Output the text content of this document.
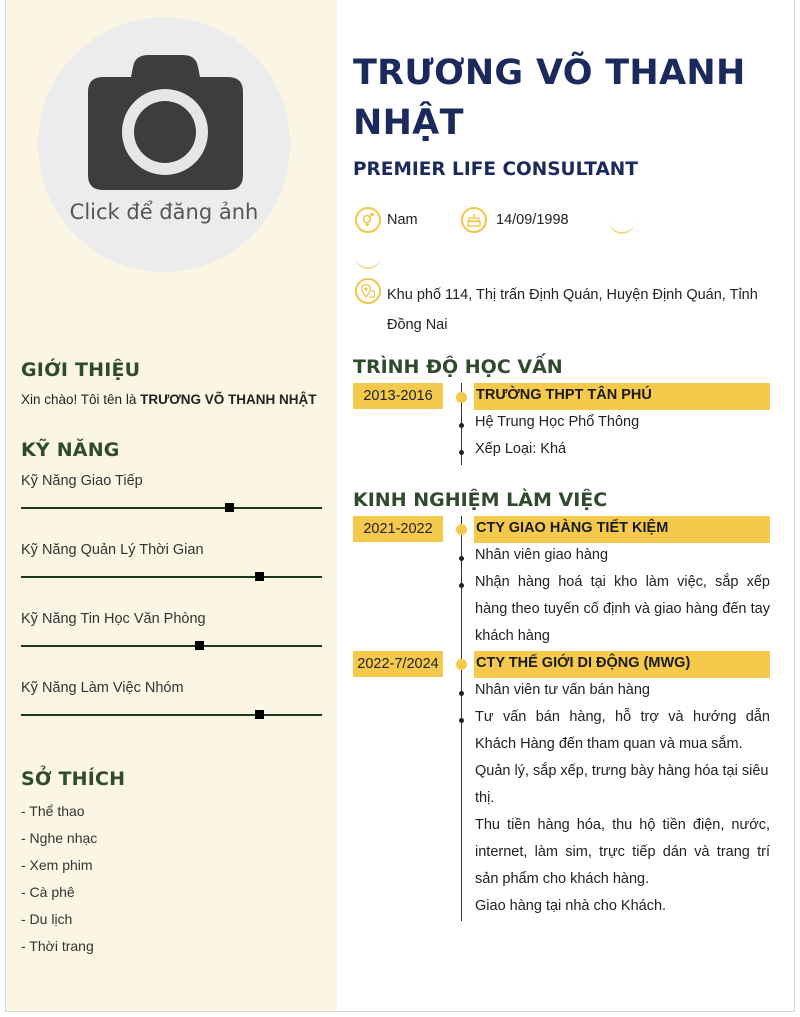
Click để đăng ảnh
GIỚI THIỆU
Xin chào! Tôi tên là TRƯƠNG VÕ THANH NHẬT
KỸ NĂNG
Kỹ Năng Giao Tiếp
Kỹ Năng Quản Lý Thời Gian
Kỹ Năng Tin Học Văn Phòng
Kỹ Năng Làm Việc Nhóm
SỞ THÍCH
- Thể thao
- Nghe nhạc
- Xem phim
- Cà phê
- Du lịch
- Thời trang
TRƯƠNG VÕ THANH NHẬT
PREMIER LIFE CONSULTANT
Nam	14/09/1998
Khu phố 114, Thị trấn Định Quán, Huyện Định Quán, Tỉnh Đồng Nai
TRÌNH ĐỘ HỌC VẤN
2013-2016	TRƯỜNG THPT TÂN PHÚ
Hệ Trung Học Phổ Thông
Xếp Loại: Khá
KINH NGHIỆM LÀM VIỆC
2021-2022	CTY GIAO HÀNG TIẾT KIỆM
Nhân viên giao hàng
Nhận hàng hoá tại kho làm việc, sắp xếp hàng theo tuyến cố định và giao hàng đến tay khách hàng
2022-7/2024	CTY THẾ GIỚI DI ĐỘNG (MWG)
Nhân viên tư vấn bán hàng
Tư vấn bán hàng, hỗ trợ và hướng dẫn Khách Hàng đến tham quan và mua sắm.
Quản lý, sắp xếp, trưng bày hàng hóa tại siêu thị.
Thu tiền hàng hóa, thu hộ tiền điện, nước, internet, làm sim, trực tiếp dán và trang trí sản phẩm cho khách hàng.
Giao hàng tại nhà cho Khách.
